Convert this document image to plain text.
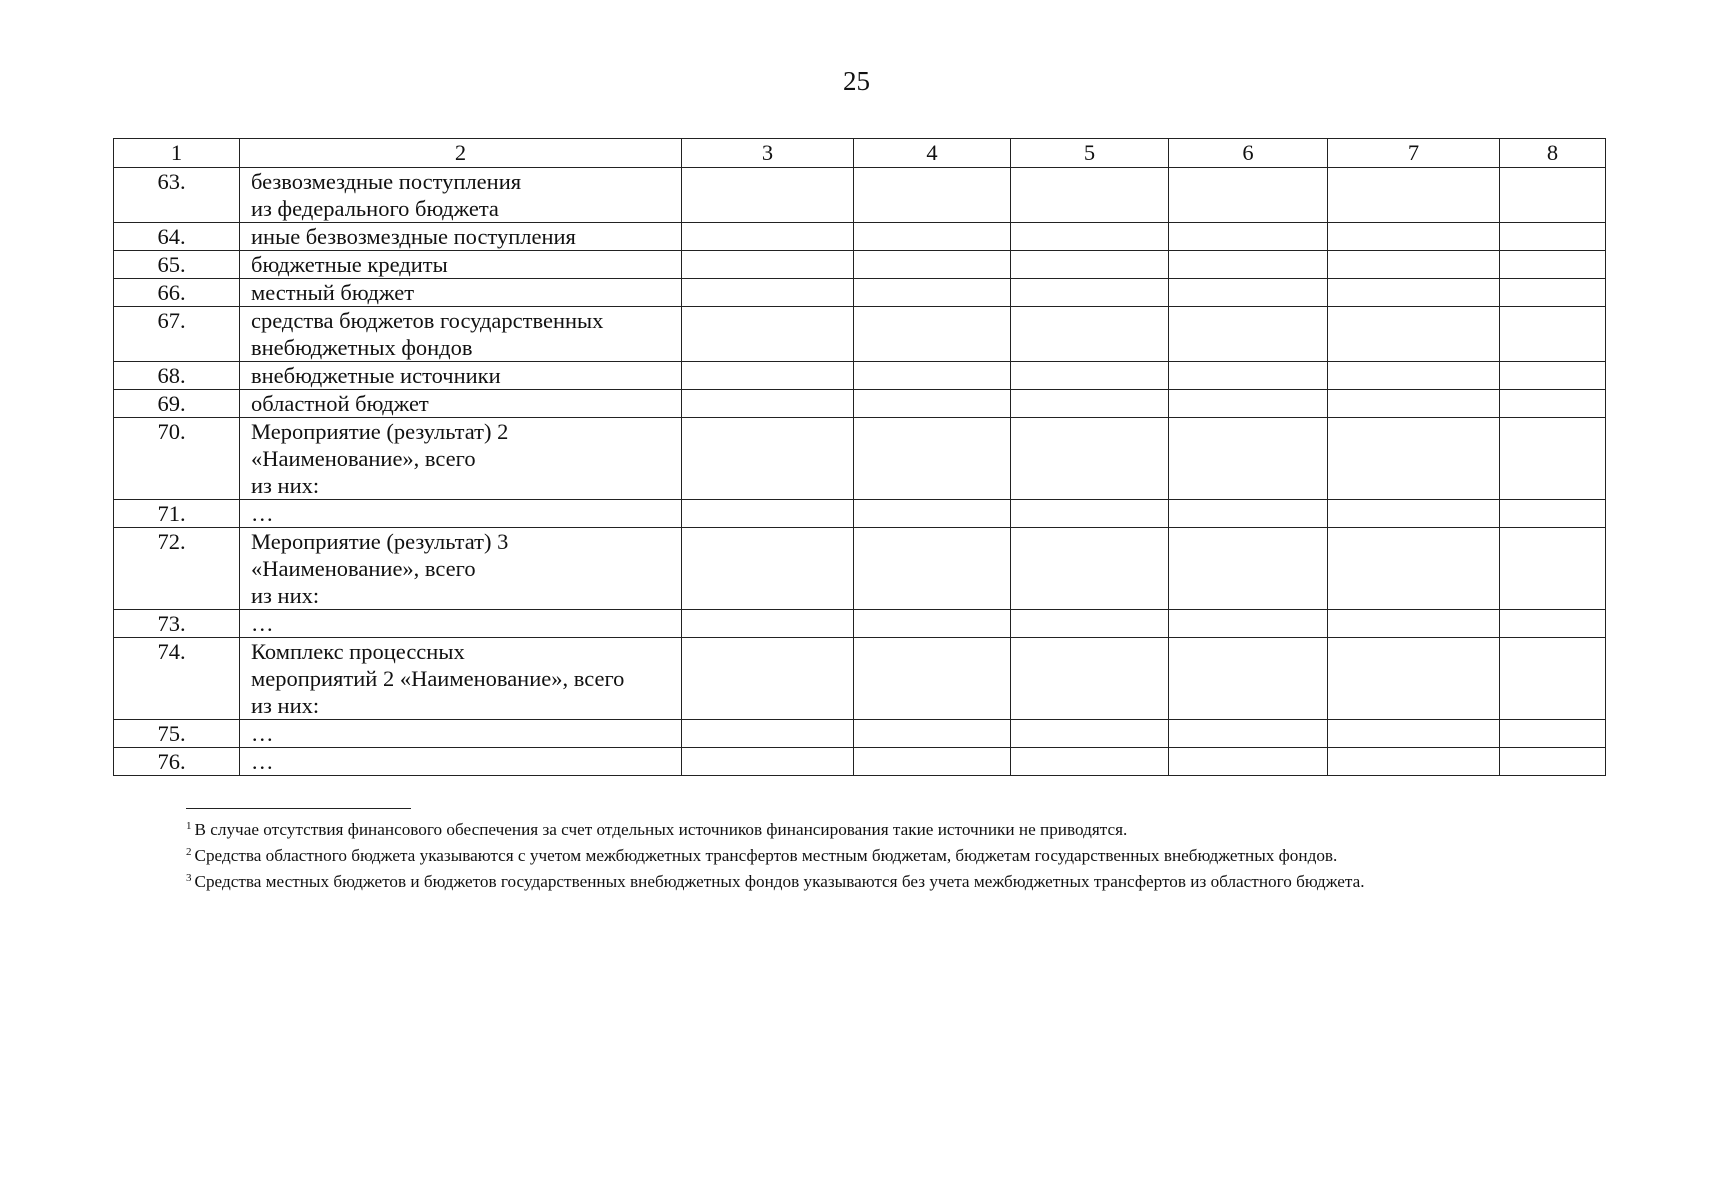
25
1	2	3	4	5	6	7	8
63.	безвозмездные поступления
из федерального бюджета						
64.	иные безвозмездные поступления						
65.	бюджетные кредиты						
66.	местный бюджет						
67.	средства бюджетов государственных
внебюджетных фондов						
68.	внебюджетные источники						
69.	областной бюджет						
70.	Мероприятие (результат) 2
«Наименование», всего
из них:						
71.	…						
72.	Мероприятие (результат) 3
«Наименование», всего
из них:						
73.	…						
74.	Комплекс процессных
мероприятий 2 «Наименование», всего
из них:						
75.	…						
76.	…						
$^1$ В случае отсутствия финансового обеспечения за счет отдельных источников финансирования такие источники не приводятся.
$^2$ Средства областного бюджета указываются с учетом межбюджетных трансфертов местным бюджетам, бюджетам государственных внебюджетных фондов.
$^3$ Средства местных бюджетов и бюджетов государственных внебюджетных фондов указываются без учета межбюджетных трансфертов из областного бюджета.
